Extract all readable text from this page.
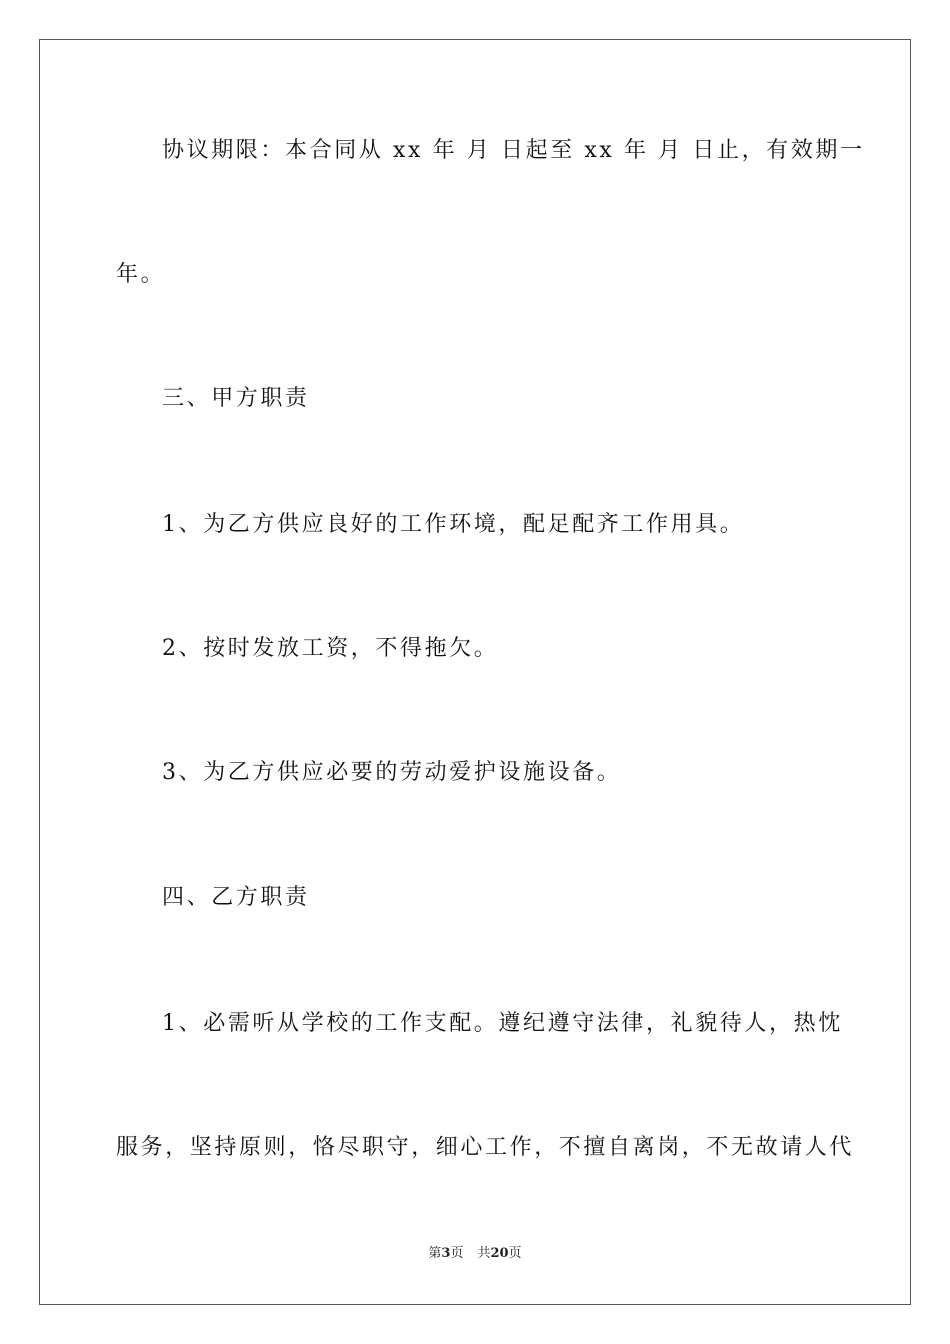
协议期限：本合同从 xx 年 月 日起至 xx 年 月 日止，有效期一
年。
三、甲方职责
1、为乙方供应良好的工作环境，配足配齐工作用具。
2、按时发放工资，不得拖欠。
3、为乙方供应必要的劳动爱护设施设备。
四、乙方职责
1、必需听从学校的工作支配。遵纪遵守法律，礼貌待人，热忱
服务，坚持原则，恪尽职守，细心工作，不擅自离岗，不无故请人代
第3页 共20页
